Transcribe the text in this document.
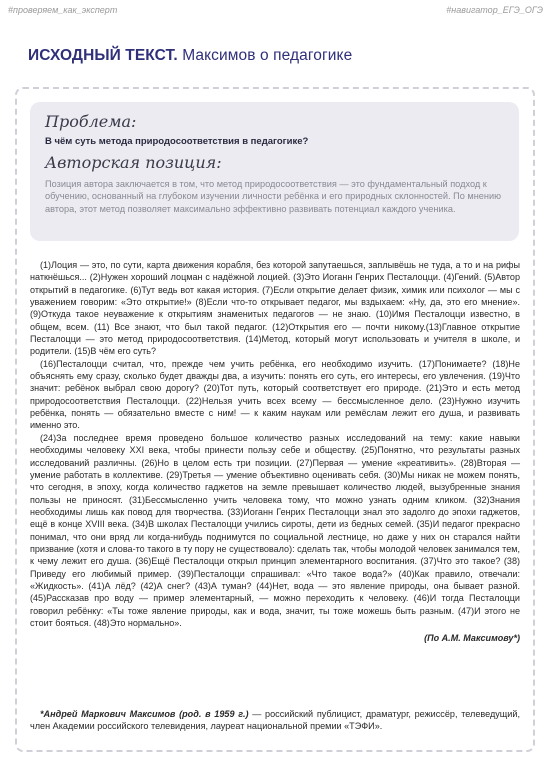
#проверяем_как_эксперт	#навигатор_ЕГЭ_ОГЭ
ИСХОДНЫЙ ТЕКСТ. Максимов о педагогике
Проблема:
В чём суть метода природосоответствия в педагогике?
Авторская позиция:
Позиция автора заключается в том, что метод природосоответствия — это фундаментальный подход к обучению, основанный на глубоком изучении личности ребёнка и его природных склонностей. По мнению автора, этот метод позволяет максимально эффективно развивать потенциал каждого ученика.

(1)Лоция — это, по сути, карта движения корабля, без которой запутаешься, заплывёшь не туда, а то и на рифы наткнёшься... (2)Нужен хороший лоцман с надёжной лоцией. (3)Это Иоганн Генрих Песталоцци. (4)Гений. (5)Автор открытий в педагогике. (6)Тут ведь вот какая история. (7)Если открытие делает физик, химик или психолог — мы с уважением говорим: «Это открытие!» (8)Если что-то открывает педагог, мы вздыхаем: «Ну, да, это его мнение». (9)Откуда такое неуважение к открытиям знаменитых педагогов — не знаю. (10)Имя Песталоцци известно, в общем, всем. (11) Все знают, что был такой педагог. (12)Открытия его — почти никому.(13)Главное открытие Песталоцци — это метод природосоответствия. (14)Метод, который могут использовать и учителя в школе, и родители. (15)В чём его суть?

(16)Песталоцци считал, что, прежде чем учить ребёнка, его необходимо изучить. (17)Понимаете? (18)Не объяснять ему сразу, сколько будет дважды два, а изучить: понять его суть, его интересы, его увлечения. (19)Что значит: ребёнок выбрал свою дорогу? (20)Тот путь, который соответствует его природе. (21)Это и есть метод природосоответствия Песталоцци. (22)Нельзя учить всех всему — бессмысленное дело. (23)Нужно изучить ребёнка, понять — обязательно вместе с ним! — к каким наукам или ремёслам лежит его душа, и развивать именно это.

(24)За последнее время проведено большое количество разных исследований на тему: какие навыки необходимы человеку XXI века, чтобы принести пользу себе и обществу. (25)Понятно, что результаты разных исследований различны. (26)Но в целом есть три позиции. (27)Первая — умение «креативить». (28)Вторая — умение работать в коллективе. (29)Третья — умение объективно оценивать себя. (30)Мы никак не можем понять, что сегодня, в эпоху, когда количество гаджетов на земле превышает количество людей, вызубренные знания пользы не приносят. (31)Бессмысленно учить человека тому, что можно узнать одним кликом. (32)Знания необходимы лишь как повод для творчества. (33)Иоганн Генрих Песталоцци знал это задолго до эпохи гаджетов, ещё в конце XVIII века. (34)В школах Песталоцци учились сироты, дети из бедных семей. (35)И педагог прекрасно понимал, что они вряд ли когда-нибудь поднимутся по социальной лестнице, но даже у них он старался найти призвание (хотя и слова-то такого в ту пору не существовало): сделать так, чтобы молодой человек занимался тем, к чему лежит его душа. (36)Ещё Песталоцци открыл принцип элементарного воспитания. (37)Что это такое? (38) Приведу его любимый пример. (39)Песталоцци спрашивал: «Что такое вода?» (40)Как правило, отвечали: «Жидкость». (41)А лёд? (42)А снег? (43)А туман? (44)Нет, вода — это явление природы, она бывает разной. (45)Рассказав про воду — пример элементарный, — можно переходить к человеку. (46)И тогда Песталоцци говорил ребёнку: «Ты тоже явление природы, как и вода, значит, ты тоже можешь быть разным. (47)И этого не стоит бояться. (48)Это нормально».

(По А.М. Максимову*)
*Андрей Маркович Максимов (род. в 1959 г.) — российский публицист, драматург, режиссёр, телеведущий, член Академии российского телевидения, лауреат национальной премии «ТЭФИ».
